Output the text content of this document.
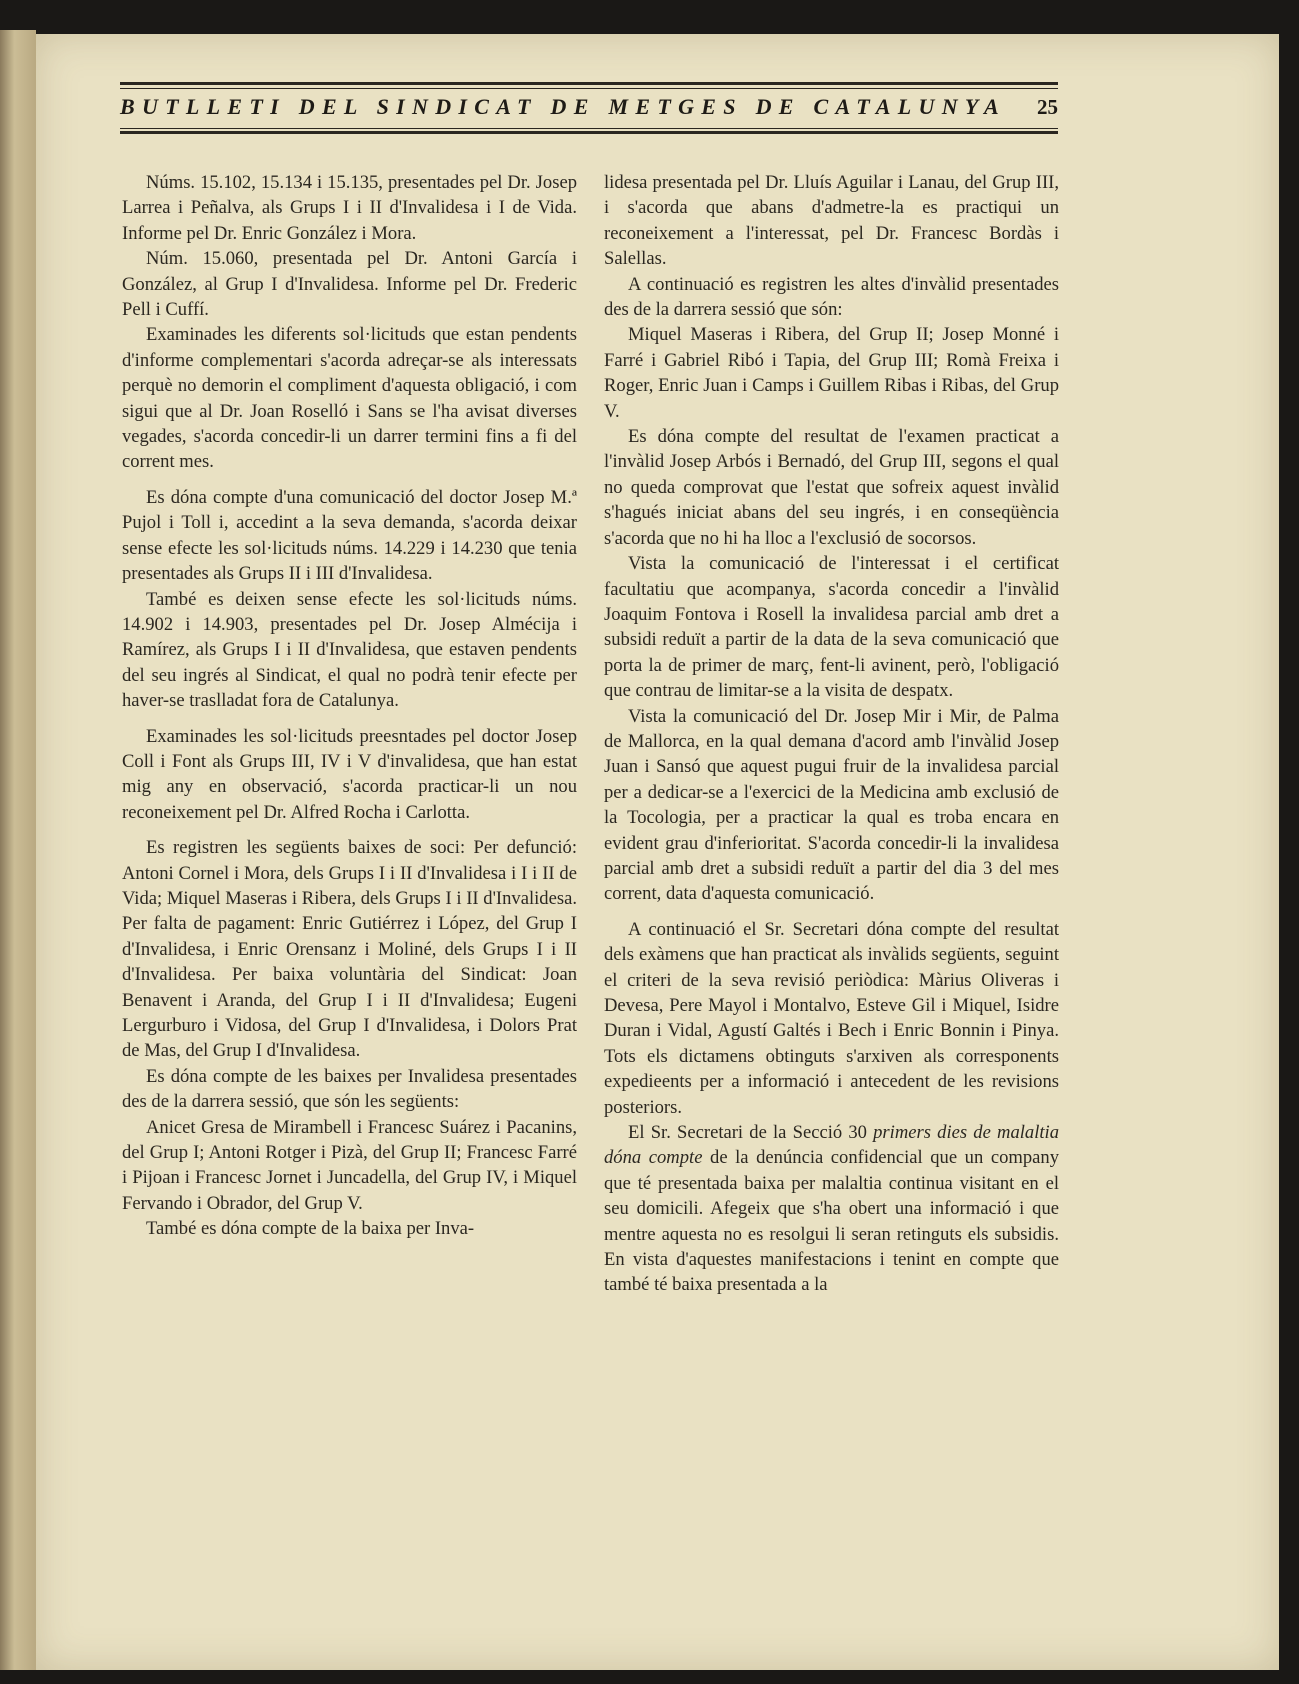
BUTLLETI DEL SINDICAT DE METGES DE CATALUNYA 25

Núms. 15.102, 15.134 i 15.135, presentades pel Dr. Josep Larrea i Peñalva, als Grups I i II d'Invalidesa i I de Vida. Informe pel Dr. Enric González i Mora.

Núm. 15.060, presentada pel Dr. Antoni García i González, al Grup I d'Invalidesa. Informe pel Dr. Frederic Pell i Cuffí.

Examinades les diferents sol·licituds que estan pendents d'informe complementari s'acorda adreçar-se als interessats perquè no demorin el compliment d'aquesta obligació, i com sigui que al Dr. Joan Roselló i Sans se l'ha avisat diverses vegades, s'acorda concedir-li un darrer termini fins a fi del corrent mes.

Es dóna compte d'una comunicació del doctor Josep M.ª Pujol i Toll i, accedint a la seva demanda, s'acorda deixar sense efecte les sol·licituds núms. 14.229 i 14.230 que tenia presentades als Grups II i III d'Invalidesa.

També es deixen sense efecte les sol·licituds núms. 14.902 i 14.903, presentades pel Dr. Josep Almécija i Ramírez, als Grups I i II d'Invalidesa, que estaven pendents del seu ingrés al Sindicat, el qual no podrà tenir efecte per haver-se traslladat fora de Catalunya.

Examinades les sol·licituds preesntades pel doctor Josep Coll i Font als Grups III, IV i V d'invalidesa, que han estat mig any en observació, s'acorda practicar-li un nou reconeixement pel Dr. Alfred Rocha i Carlotta.

Es registren les següents baixes de soci: Per defunció: Antoni Cornel i Mora, dels Grups I i II d'Invalidesa i I i II de Vida; Miquel Maseras i Ribera, dels Grups I i II d'Invalidesa. Per falta de pagament: Enric Gutiérrez i López, del Grup I d'Invalidesa, i Enric Orensanz i Moliné, dels Grups I i II d'Invalidesa. Per baixa voluntària del Sindicat: Joan Benavent i Aranda, del Grup I i II d'Invalidesa; Eugeni Lergurburo i Vidosa, del Grup I d'Invalidesa, i Dolors Prat de Mas, del Grup I d'Invalidesa.

Es dóna compte de les baixes per Invalidesa presentades des de la darrera sessió, que són les següents:

Anicet Gresa de Mirambell i Francesc Suárez i Pacanins, del Grup I; Antoni Rotger i Pizà, del Grup II; Francesc Farré i Pijoan i Francesc Jornet i Juncadella, del Grup IV, i Miquel Fervando i Obrador, del Grup V.

També es dóna compte de la baixa per Inva-

lidesa presentada pel Dr. Lluís Aguilar i Lanau, del Grup III, i s'acorda que abans d'admetre-la es practiqui un reconeixement a l'interessat, pel Dr. Francesc Bordàs i Salellas.

A continuació es registren les altes d'invàlid presentades des de la darrera sessió que són:

Miquel Maseras i Ribera, del Grup II; Josep Monné i Farré i Gabriel Ribó i Tapia, del Grup III; Romà Freixa i Roger, Enric Juan i Camps i Guillem Ribas i Ribas, del Grup V.

Es dóna compte del resultat de l'examen practicat a l'invàlid Josep Arbós i Bernadó, del Grup III, segons el qual no queda comprovat que l'estat que sofreix aquest invàlid s'hagués iniciat abans del seu ingrés, i en conseqüència s'acorda que no hi ha lloc a l'exclusió de socorsos.

Vista la comunicació de l'interessat i el certificat facultatiu que acompanya, s'acorda concedir a l'invàlid Joaquim Fontova i Rosell la invalidesa parcial amb dret a subsidi reduït a partir de la data de la seva comunicació que porta la de primer de març, fent-li avinent, però, l'obligació que contrau de limitar-se a la visita de despatx.

Vista la comunicació del Dr. Josep Mir i Mir, de Palma de Mallorca, en la qual demana d'acord amb l'invàlid Josep Juan i Sansó que aquest pugui fruir de la invalidesa parcial per a dedicar-se a l'exercici de la Medicina amb exclusió de la Tocologia, per a practicar la qual es troba encara en evident grau d'inferioritat. S'acorda concedir-li la invalidesa parcial amb dret a subsidi reduït a partir del dia 3 del mes corrent, data d'aquesta comunicació.

A continuació el Sr. Secretari dóna compte del resultat dels exàmens que han practicat als invàlids següents, seguint el criteri de la seva revisió periòdica: Màrius Oliveras i Devesa, Pere Mayol i Montalvo, Esteve Gil i Miquel, Isidre Duran i Vidal, Agustí Galtés i Bech i Enric Bonnin i Pinya. Tots els dictamens obtinguts s'arxiven als corresponents expedieents per a informació i antecedent de les revisions posteriors.

El Sr. Secretari de la Secció 30 primers dies de malaltia dóna compte de la denúncia confidencial que un company que té presentada baixa per malaltia continua visitant en el seu domicili. Afegeix que s'ha obert una informació i que mentre aquesta no es resolgui li seran retinguts els subsidis. En vista d'aquestes manifestacions i tenint en compte que també té baixa presentada a la
